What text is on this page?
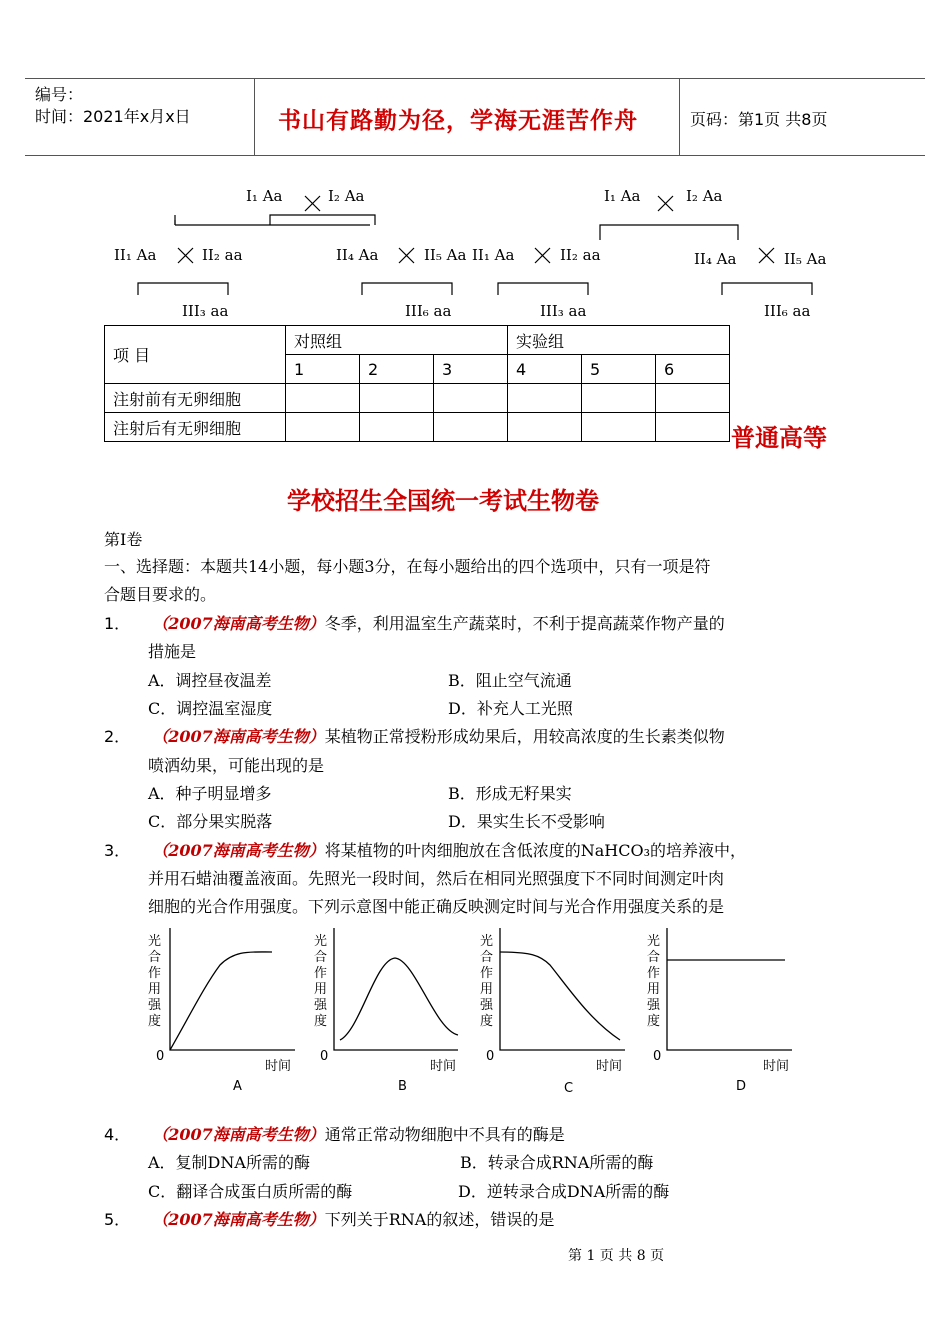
编号：
时间：2021年x月x日	书山有路勤为径，学海无涯苦作舟	页码：第1页 共8页
I₁ Aa	I₂ Aa
II₁ Aa	II₂ aa	II₄ Aa	II₅ Aa
III₃ aa	III₆ aa
I₁ Aa	I₂ Aa
II₁ Aa	II₂ aa	II₄ Aa	II₅ Aa
III₃ aa	III₆ aa
项 目	对照组			实验组		
	1	2	3	4	5	6
注射前有无卵细胞						
注射后有无卵细胞							普通高等
学校招生全国统一考试生物卷
第Ⅰ卷
一、选择题：本题共14小题，每小题3分，在每小题给出的四个选项中，只有一项是符
合题目要求的。
1． （2007海南高考生物）冬季，利用温室生产蔬菜时，不利于提高蔬菜作物产量的
措施是
A．调控昼夜温差	B．阻止空气流通
C．调控温室湿度	D．补充人工光照
2． （2007海南高考生物）某植物正常授粉形成幼果后，用较高浓度的生长素类似物
喷洒幼果，可能出现的是
A．种子明显增多	B．形成无籽果实
C．部分果实脱落	D．果实生长不受影响
3． （2007海南高考生物）将某植物的叶肉细胞放在含低浓度的NaHCO₃的培养液中，
并用石蜡油覆盖液面。先照光一段时间，然后在相同光照强度下不同时间测定叶肉
细胞的光合作用强度。下列示意图中能正确反映测定时间与光合作用强度关系的是
0
时间
A
0
时间
B
0
时间
C
0
时间
D
光
合
作
用
强
度
光
合
作
用
强
度
光
合
作
用
强
度
光
合
作
用
强
度
4． （2007海南高考生物）通常正常动物细胞中不具有的酶是
A．复制DNA所需的酶	B．转录合成RNA所需的酶
C．翻译合成蛋白质所需的酶	D．逆转录合成DNA所需的酶
5． （2007海南高考生物）下列关于RNA的叙述，错误的是
第 1 页 共 8 页
